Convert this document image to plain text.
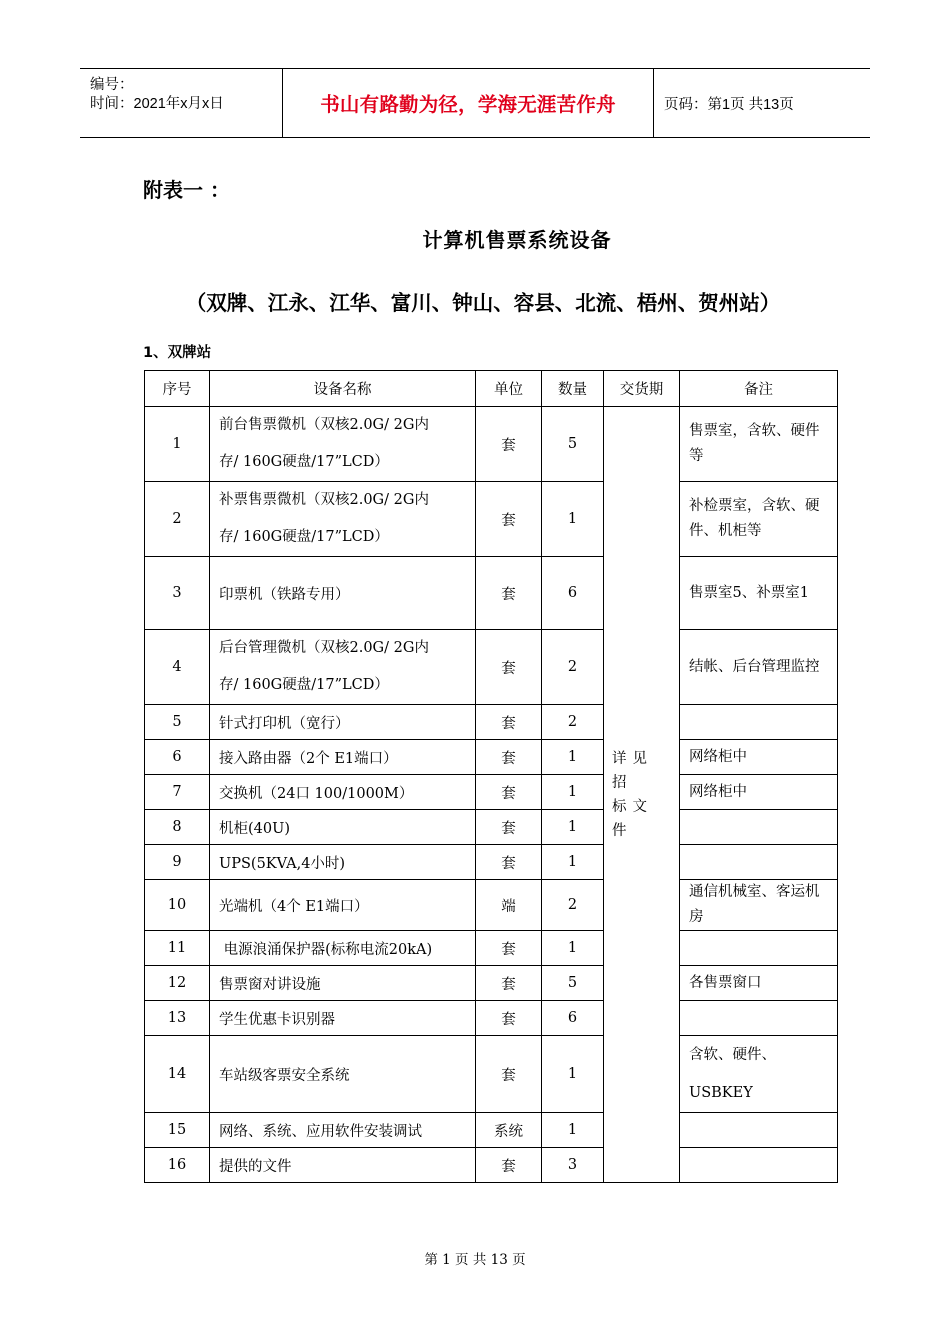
编号：
时间：2021年x月x日	书山有路勤为径，学海无涯苦作舟	页码：第1页 共13页
附表一 ：
计算机售票系统设备
（双牌、江永、江华、富川、钟山、容县、北流、梧州、贺州站）
1、双牌站
序号	设备名称	单位	数量	交货期	备注
1	前台售票微机（双核2.0G/ 2G内
存/ 160G硬盘/17”LCD）	套	5	详见招
标文件	售票室，含软、硬件等
2	补票售票微机（双核2.0G/ 2G内
存/ 160G硬盘/17”LCD）	套	1		补检票室，含软、硬件、机柜等
3	印票机（铁路专用）	套	6		售票室5、补票室1
4	后台管理微机（双核2.0G/ 2G内
存/ 160G硬盘/17”LCD）	套	2		结帐、后台管理监控
5	针式打印机（宽行）	套	2		
6	接入路由器（2个 E1端口）	套	1		网络柜中
7	交换机（24口 100/1000M）	套	1		网络柜中
8	机柜(40U)	套	1		
9	UPS(5KVA,4小时)	套	1		
10	光端机（4个 E1端口）	端	2		通信机械室、客运机房
11	电源浪涌保护器(标称电流20kA)	套	1		
12	售票窗对讲设施	套	5		各售票窗口
13	学生优惠卡识别器	套	6		
14	车站级客票安全系统	套	1		含软、硬件、USBKEY
15	网络、系统、应用软件安装调试	系统	1		
16	提供的文件	套	3		
第 1 页 共 13 页
